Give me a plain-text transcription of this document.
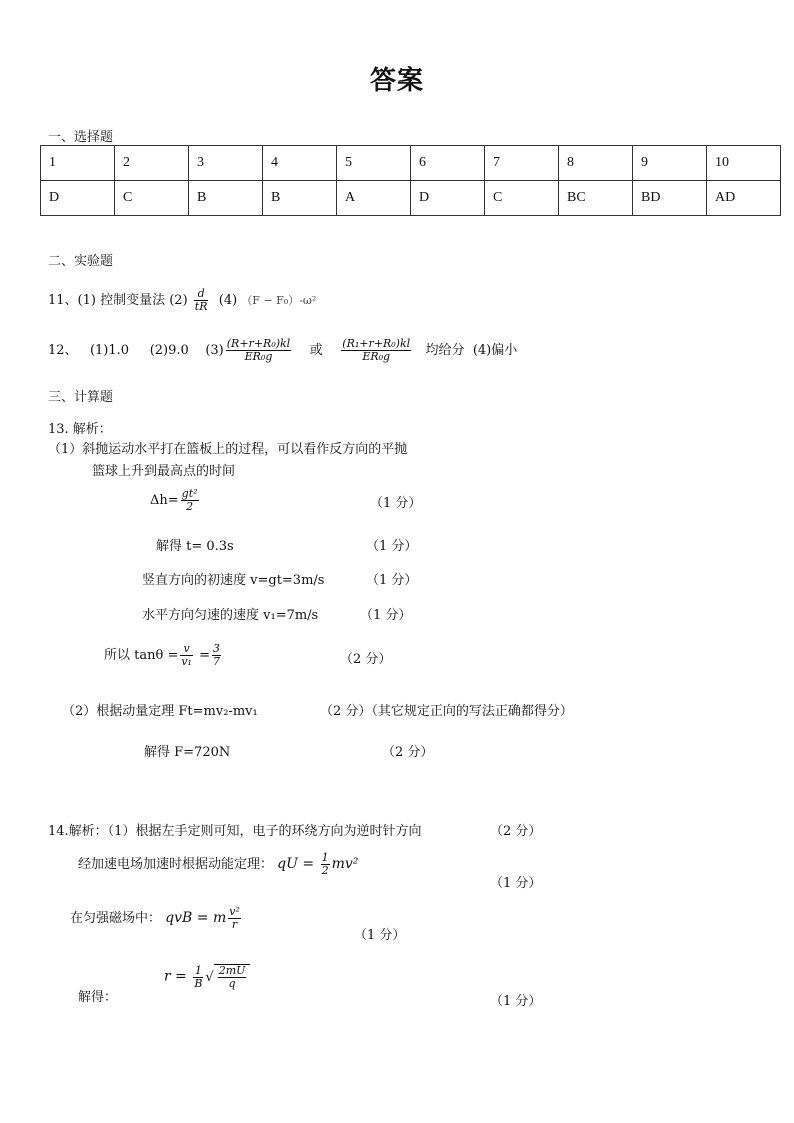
答案
一、选择题
1	2	3	4	5	6	7	8	9	10
D	C	B	B	A	D	C	BC	BD	AD
二、实验题
11、(1) 控制变量法 $(2) \frac{d}{tR} (4) (F - F_0)-\omega^2$
12、 (1)1.0 (2)9.0 $(3) \frac{\text{(R+r+R₀)kl}}{\text{ER₀g}}$ 或 $\frac{\text{(R₁+r+R₀)kl}}{\text{ER₀g}}$ 均给分 (4)偏小
三、计算题
13. 解析：
（1）斜抛运动水平打在篮板上的过程，可以看作反方向的平抛
篮球上升到最高点的时间
$\Delta h= \frac{\text{gt²}}{2}$	（1 分）
解得 t= 0.3s	（1 分）
竖直方向的初速度 v=gt=3m/s	（1 分）
水平方向匀速的速度 v₁=7m/s	（1 分）
所以 $\tan\theta = \frac{v}{\text{v₁}} = \frac{3}{7}$	（2 分）
（2）根据动量定理 Ft=mv₂-mv₁	（2 分）（其它规定正向的写法正确都得分）
解得 F=720N	（2 分）
14.解析：（1）根据左手定则可知，电子的环绕方向为逆时针方向	（2 分）
经加速电场加速时根据动能定理： qU = $\frac{1}{2} mv^2$
（1 分）
在匀强磁场中： qvB = m $\frac{\text{v²}}{r}$
（1 分）
$r = \frac{1}{B}$ √ $\frac{2mU}{q}$
解得：	（1 分）
